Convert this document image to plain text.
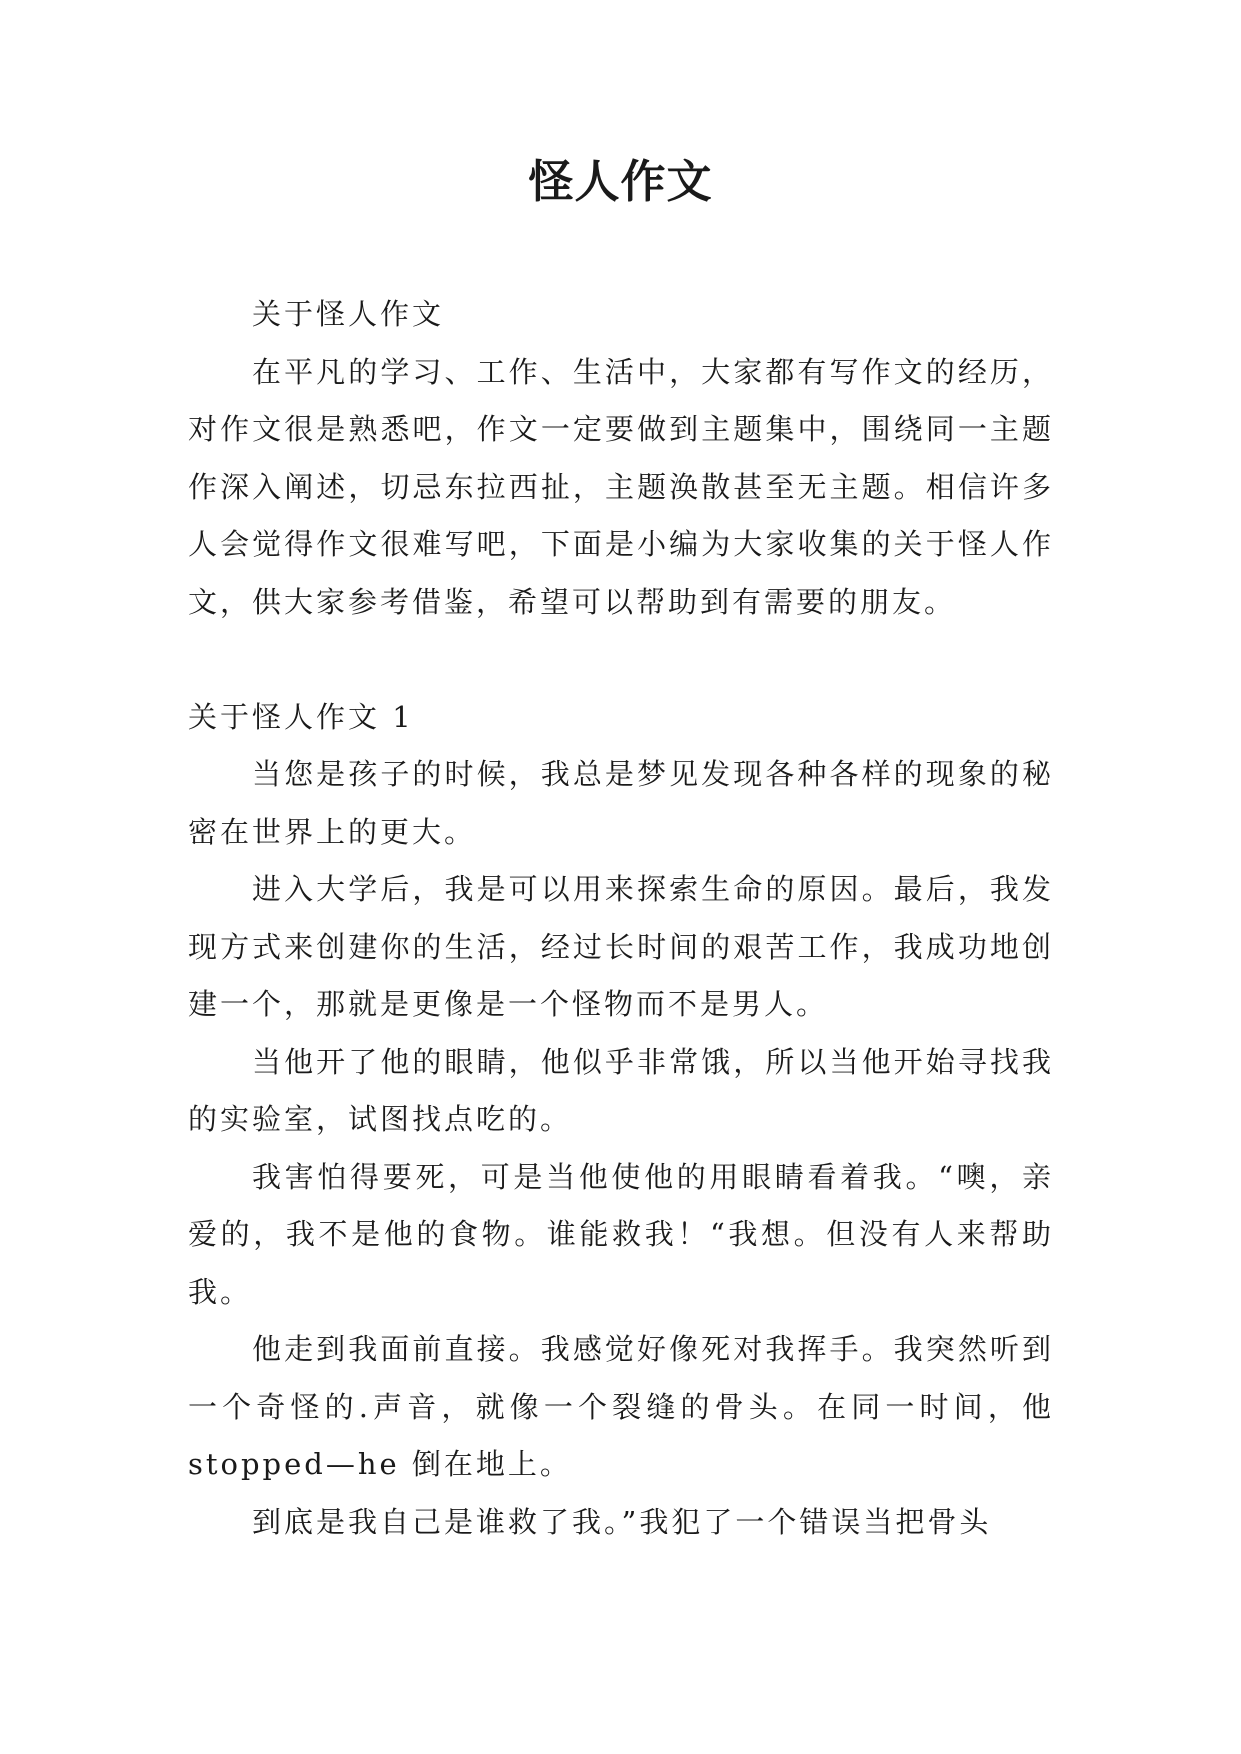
怪人作文

关于怪人作文

在平凡的学习、工作、生活中，大家都有写作文的经历，对作文很是熟悉吧，作文一定要做到主题集中，围绕同一主题作深入阐述，切忌东拉西扯，主题涣散甚至无主题。相信许多人会觉得作文很难写吧，下面是小编为大家收集的关于怪人作文，供大家参考借鉴，希望可以帮助到有需要的朋友。

关于怪人作文 1

当您是孩子的时候，我总是梦见发现各种各样的现象的秘密在世界上的更大。

进入大学后，我是可以用来探索生命的原因。最后，我发现方式来创建你的生活，经过长时间的艰苦工作，我成功地创建一个，那就是更像是一个怪物而不是男人。

当他开了他的眼睛，他似乎非常饿，所以当他开始寻找我的实验室，试图找点吃的。

我害怕得要死，可是当他使他的用眼睛看着我。“噢，亲爱的，我不是他的食物。谁能救我！“我想。但没有人来帮助我。

他走到我面前直接。我感觉好像死对我挥手。我突然听到一个奇怪的.声音，就像一个裂缝的骨头。在同一时间，他 stopped—he 倒在地上。

到底是我自己是谁救了我。”我犯了一个错误当把骨头
